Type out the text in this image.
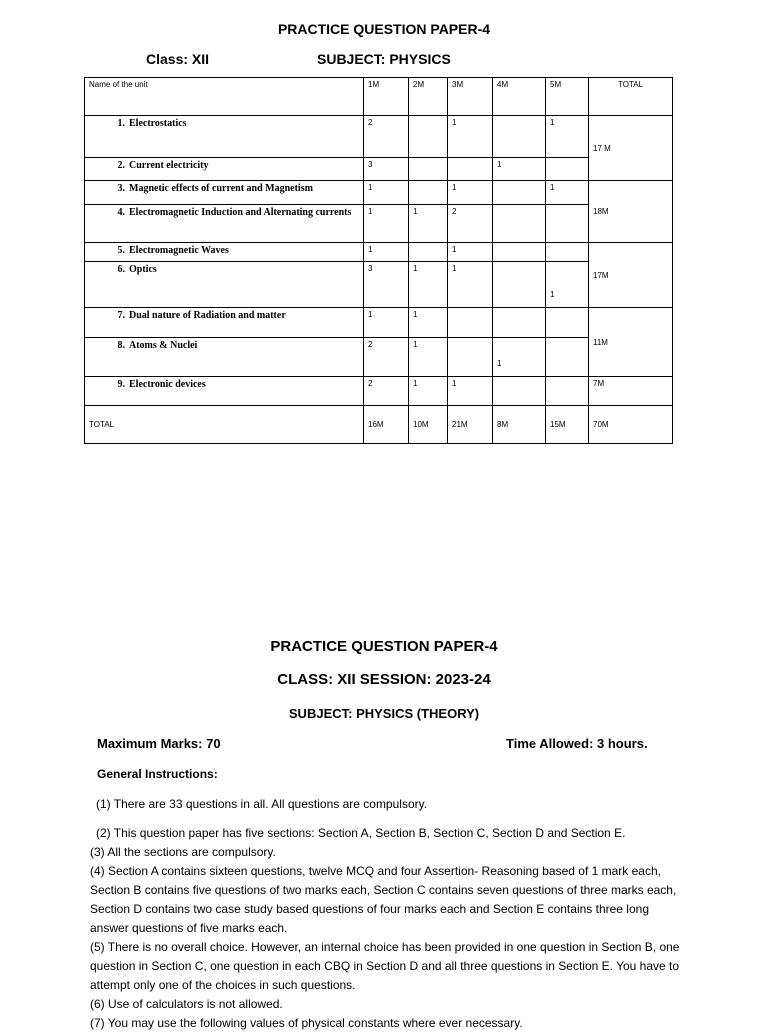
PRACTICE QUESTION PAPER-4
Class: XII	SUBJECT: PHYSICS
Name of the unit	1M	2M	3M	4M	5M	TOTAL

1. Electrostatics	2		1		1	17 M

2. Current electricity	3			1		

3. Magnetic effects of current and Magnetism	1		1		1	18M

4. Electromagnetic Induction and Alternating currents	1	1	2			

5. Electromagnetic Waves	1		1			17M

6. Optics	3	1	1		1	

7. Dual nature of Radiation and matter	1	1				11M

8. Atoms & Nuclei	2	1		1		

9. Electronic devices	2	1	1			7M
TOTAL	16M	10M	21M	8M	15M	70M
PRACTICE QUESTION PAPER-4
CLASS: XII SESSION: 2023-24
SUBJECT: PHYSICS (THEORY)
Maximum Marks: 70	Time Allowed: 3 hours.
General Instructions:
(1) There are 33 questions in all. All questions are compulsory.
(2) This question paper has five sections: Section A, Section B, Section C, Section D and Section E.
(3) All the sections are compulsory.
(4) Section A contains sixteen questions, twelve MCQ and four Assertion- Reasoning based of 1 mark each, Section B contains five questions of two marks each, Section C contains seven questions of three marks each, Section D contains two case study based questions of four marks each and Section E contains three long answer questions of five marks each.
(5) There is no overall choice. However, an internal choice has been provided in one question in Section B, one question in Section C, one question in each CBQ in Section D and all three questions in Section E. You have to attempt only one of the choices in such questions.
(6) Use of calculators is not allowed.
(7) You may use the following values of physical constants where ever necessary.
